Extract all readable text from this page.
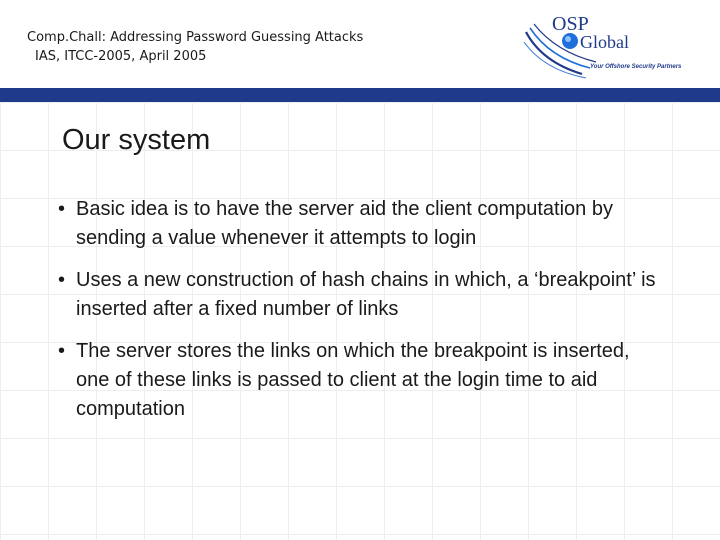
Comp.Chall: Addressing Password Guessing Attacks

IAS, ITCC-2005, April 2005
OSP
Global
Your Offshore Security Partners
Our system
• Basic idea is to have the server aid the client computation by sending a value whenever it attempts to login
• Uses a new construction of hash chains in which, a ‘breakpoint’ is inserted after a fixed number of links
• The server stores the links on which the breakpoint is inserted, one of these links is passed to client at the login time to aid computation
